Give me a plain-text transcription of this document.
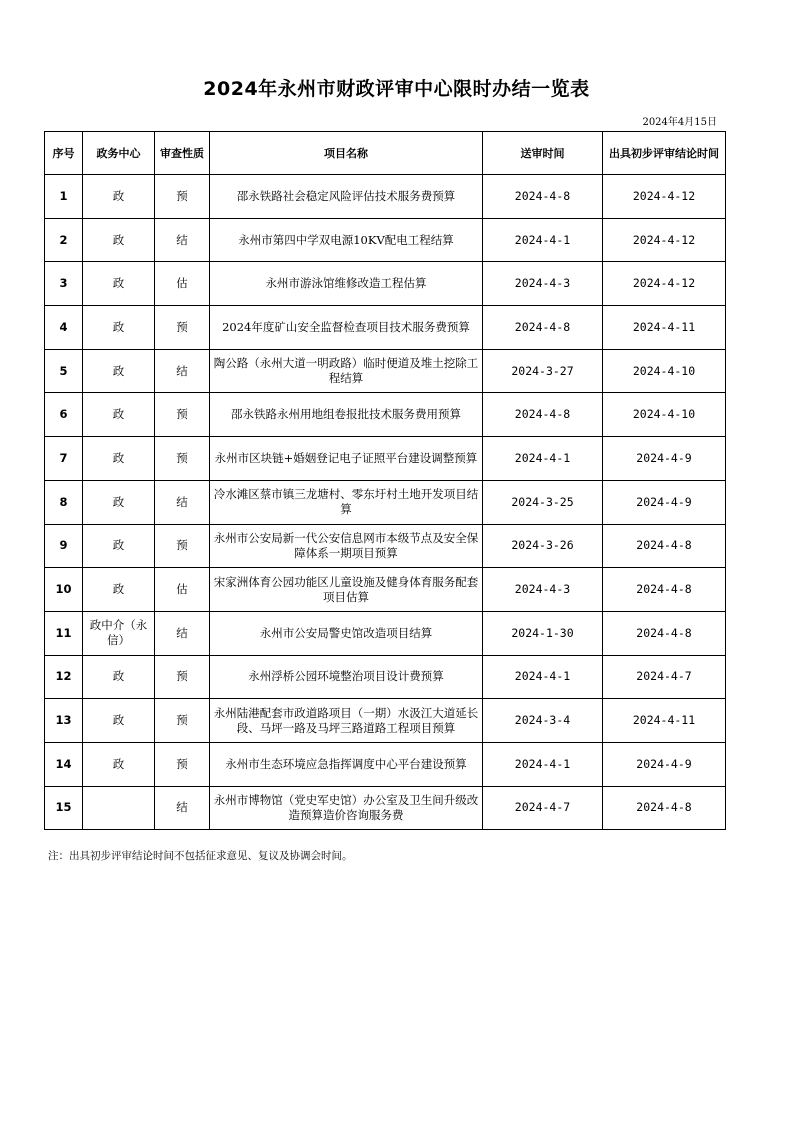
2024年永州市财政评审中心限时办结一览表
2024年4月15日
序号	政务中心	审查性质	项目名称	送审时间	出具初步评审结论时间
1	政	预	邵永铁路社会稳定风险评估技术服务费预算	2024-4-8	2024-4-12
2	政	结	永州市第四中学双电源10KV配电工程结算	2024-4-1	2024-4-12
3	政	估	永州市游泳馆维修改造工程估算	2024-4-3	2024-4-12
4	政	预	2024年度矿山安全监督检查项目技术服务费预算	2024-4-8	2024-4-11
5	政	结	陶公路（永州大道一明政路）临时便道及堆土挖除工程结算	2024-3-27	2024-4-10
6	政	预	邵永铁路永州用地组卷报批技术服务费用预算	2024-4-8	2024-4-10
7	政	预	永州市区块链+婚姻登记电子证照平台建设调整预算	2024-4-1	2024-4-9
8	政	结	冷水滩区蔡市镇三龙塘村、零东圩村土地开发项目结算	2024-3-25	2024-4-9
9	政	预	永州市公安局新一代公安信息网市本级节点及安全保障体系一期项目预算	2024-3-26	2024-4-8
10	政	估	宋家洲体育公园功能区儿童设施及健身体育服务配套项目估算	2024-4-3	2024-4-8
11	政中介（永信）	结	永州市公安局警史馆改造项目结算	2024-1-30	2024-4-8
12	政	预	永州浮桥公园环境整治项目设计费预算	2024-4-1	2024-4-7
13	政	预	永州陆港配套市政道路项目（一期）水汲江大道延长段、马坪一路及马坪三路道路工程项目预算	2024-3-4	2024-4-11
14	政	预	永州市生态环境应急指挥调度中心平台建设预算	2024-4-1	2024-4-9
15		结	永州市博物馆（党史军史馆）办公室及卫生间升级改造预算造价咨询服务费	2024-4-7	2024-4-8
注：出具初步评审结论时间不包括征求意见、复议及协调会时间。
